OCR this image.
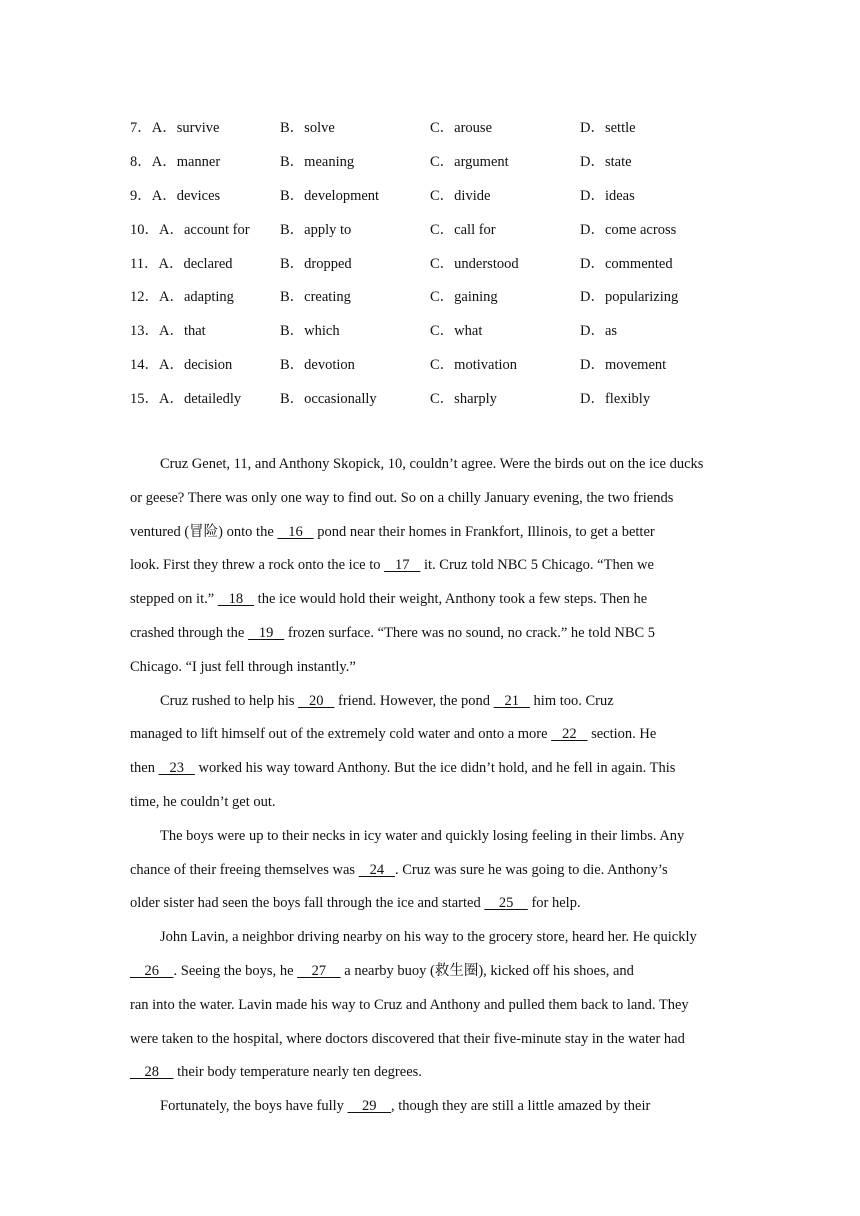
7．A．survive	B．solve	C．arouse	D．settle
8．A．manner	B．meaning	C．argument	D．state
9．A．devices	B．development	C．divide	D．ideas
10．A．account for	B．apply to	C．call for	D．come across
11．A．declared	B．dropped	C．understood	D．commented
12．A．adapting	B．creating	C．gaining	D．popularizing
13．A．that	B．which	C．what	D．as
14．A．decision	B．devotion	C．motivation	D．movement
15．A．detailedly	B．occasionally	C．sharply	D．flexibly
Cruz Genet, 11, and Anthony Skopick, 10, couldn’t agree. Were the birds out on the ice ducks
or geese? There was only one way to find out. So on a chilly January evening, the two friends
ventured (冒险) onto the    16    pond near their homes in Frankfort, Illinois, to get a better
look. First they threw a rock onto the ice to    17    it. Cruz told NBC 5 Chicago. “Then we
stepped on it.”    18    the ice would hold their weight, Anthony took a few steps. Then he
crashed through the    19    frozen surface. “There was no sound, no crack.” he told NBC 5
Chicago. “I just fell through instantly.”
Cruz rushed to help his    20    friend. However, the pond    21    him too. Cruz
managed to lift himself out of the extremely cold water and onto a more    22    section. He
then    23    worked his way toward Anthony. But the ice didn’t hold, and he fell in again. This
time, he couldn’t get out.
The boys were up to their necks in icy water and quickly losing feeling in their limbs. Any
chance of their freeing themselves was    24   . Cruz was sure he was going to die. Anthony’s
older sister had seen the boys fall through the ice and started     25     for help.
John Lavin, a neighbor driving nearby on his way to the grocery store, heard her. He quickly
26    . Seeing the boys, he     27     a nearby buoy (救生圈), kicked off his shoes, and
ran into the water. Lavin made his way to Cruz and Anthony and pulled them back to land. They
were taken to the hospital, where doctors discovered that their five-minute stay in the water had
28     their body temperature nearly ten degrees.
Fortunately, the boys have fully     29    , though they are still a little amazed by their
